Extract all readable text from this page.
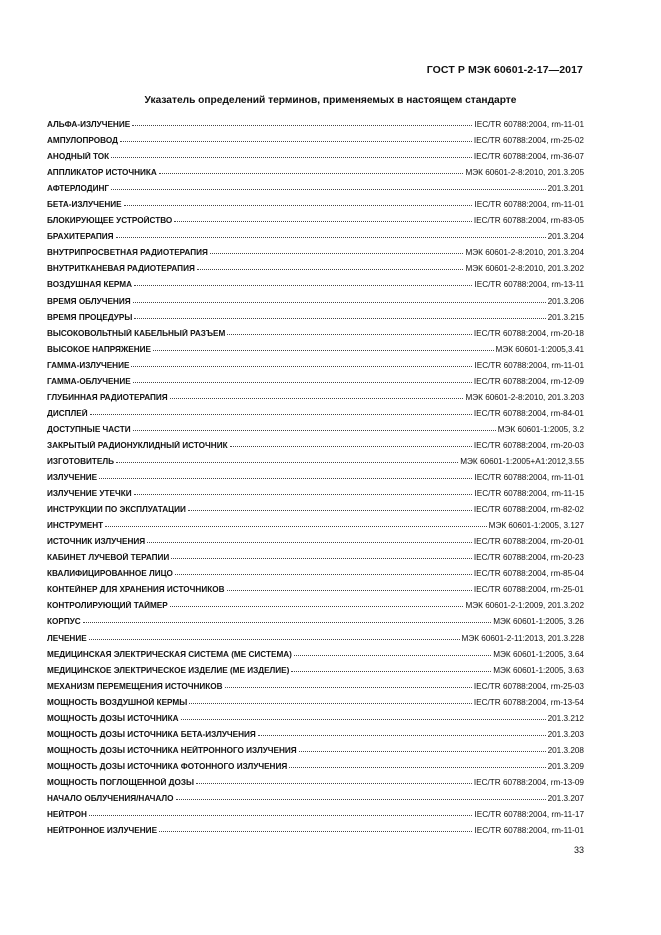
ГОСТ Р МЭК 60601-2-17—2017
Указатель определений терминов, применяемых в настоящем стандарте
АЛЬФА-ИЗЛУЧЕНИЕ	IEC/TR 60788:2004, rm-11-01
АМПУЛОПРОВОД	IEC/TR 60788:2004, rm-25-02
АНОДНЫЙ ТОК	IEC/TR 60788:2004, rm-36-07
АППЛИКАТОР ИСТОЧНИКА	МЭК 60601-2-8:2010, 201.3.205
АФТЕРЛОДИНГ	201.3.201
БЕТА-ИЗЛУЧЕНИЕ	IEC/TR 60788:2004, rm-11-01
БЛОКИРУЮЩЕЕ УСТРОЙСТВО	IEC/TR 60788:2004, rm-83-05
БРАХИТЕРАПИЯ	201.3.204
ВНУТРИПРОСВЕТНАЯ РАДИОТЕРАПИЯ	МЭК 60601-2-8:2010, 201.3.204
ВНУТРИТКАНЕВАЯ РАДИОТЕРАПИЯ	МЭК 60601-2-8:2010, 201.3.202
ВОЗДУШНАЯ КЕРМА	IEC/TR 60788:2004, rm-13-11
ВРЕМЯ ОБЛУЧЕНИЯ	201.3.206
ВРЕМЯ ПРОЦЕДУРЫ	201.3.215
ВЫСОКОВОЛЬТНЫЙ КАБЕЛЬНЫЙ РАЗЪЕМ	IEC/TR 60788:2004, rm-20-18
ВЫСОКОЕ НАПРЯЖЕНИЕ	МЭК 60601-1:2005,3.41
ГАММА-ИЗЛУЧЕНИЕ	IEC/TR 60788:2004, rm-11-01
ГАММА-ОБЛУЧЕНИЕ	IEC/TR 60788:2004, rm-12-09
ГЛУБИННАЯ РАДИОТЕРАПИЯ	МЭК 60601-2-8:2010, 201.3.203
ДИСПЛЕЙ	IEC/TR 60788:2004, rm-84-01
ДОСТУПНЫЕ ЧАСТИ	МЭК 60601-1:2005, 3.2
ЗАКРЫТЫЙ РАДИОНУКЛИДНЫЙ ИСТОЧНИК	IEC/TR 60788:2004, rm-20-03
ИЗГОТОВИТЕЛЬ	МЭК 60601-1:2005+А1:2012,3.55
ИЗЛУЧЕНИЕ	IEC/TR 60788:2004, rm-11-01
ИЗЛУЧЕНИЕ УТЕЧКИ	IEC/TR 60788:2004, rm-11-15
ИНСТРУКЦИИ ПО ЭКСПЛУАТАЦИИ	IEC/TR 60788:2004, rm-82-02
ИНСТРУМЕНТ	МЭК 60601-1:2005, 3.127
ИСТОЧНИК ИЗЛУЧЕНИЯ	IEC/TR 60788:2004, rm-20-01
КАБИНЕТ ЛУЧЕВОЙ ТЕРАПИИ	IEC/TR 60788:2004, rm-20-23
КВАЛИФИЦИРОВАННОЕ ЛИЦО	IEC/TR 60788:2004, rm-85-04
КОНТЕЙНЕР ДЛЯ ХРАНЕНИЯ ИСТОЧНИКОВ	IEC/TR 60788:2004, rm-25-01
КОНТРОЛИРУЮЩИЙ ТАЙМЕР	МЭК 60601-2-1:2009, 201.3.202
КОРПУС	МЭК 60601-1:2005, 3.26
ЛЕЧЕНИЕ	МЭК 60601-2-11:2013, 201.3.228
МЕДИЦИНСКАЯ ЭЛЕКТРИЧЕСКАЯ СИСТЕМА (МЕ СИСТЕМА)	МЭК 60601-1:2005, 3.64
МЕДИЦИНСКОЕ ЭЛЕКТРИЧЕСКОЕ ИЗДЕЛИЕ (МЕ ИЗДЕЛИЕ)	МЭК 60601-1:2005, 3.63
МЕХАНИЗМ ПЕРЕМЕЩЕНИЯ ИСТОЧНИКОВ	IEC/TR 60788:2004, rm-25-03
МОЩНОСТЬ ВОЗДУШНОЙ КЕРМЫ	IEC/TR 60788:2004, rm-13-54
МОЩНОСТЬ ДОЗЫ ИСТОЧНИКА	201.3.212
МОЩНОСТЬ ДОЗЫ ИСТОЧНИКА БЕТА-ИЗЛУЧЕНИЯ	201.3.203
МОЩНОСТЬ ДОЗЫ ИСТОЧНИКА НЕЙТРОННОГО ИЗЛУЧЕНИЯ	201.3.208
МОЩНОСТЬ ДОЗЫ ИСТОЧНИКА ФОТОННОГО ИЗЛУЧЕНИЯ	201.3.209
МОЩНОСТЬ ПОГЛОЩЕННОЙ ДОЗЫ	IEC/TR 60788:2004, rm-13-09
НАЧАЛО ОБЛУЧЕНИЯ/НАЧАЛО	201.3.207
НЕЙТРОН	IEC/TR 60788:2004, rm-11-17
НЕЙТРОННОЕ ИЗЛУЧЕНИЕ	IEC/TR 60788:2004, rm-11-01
33
